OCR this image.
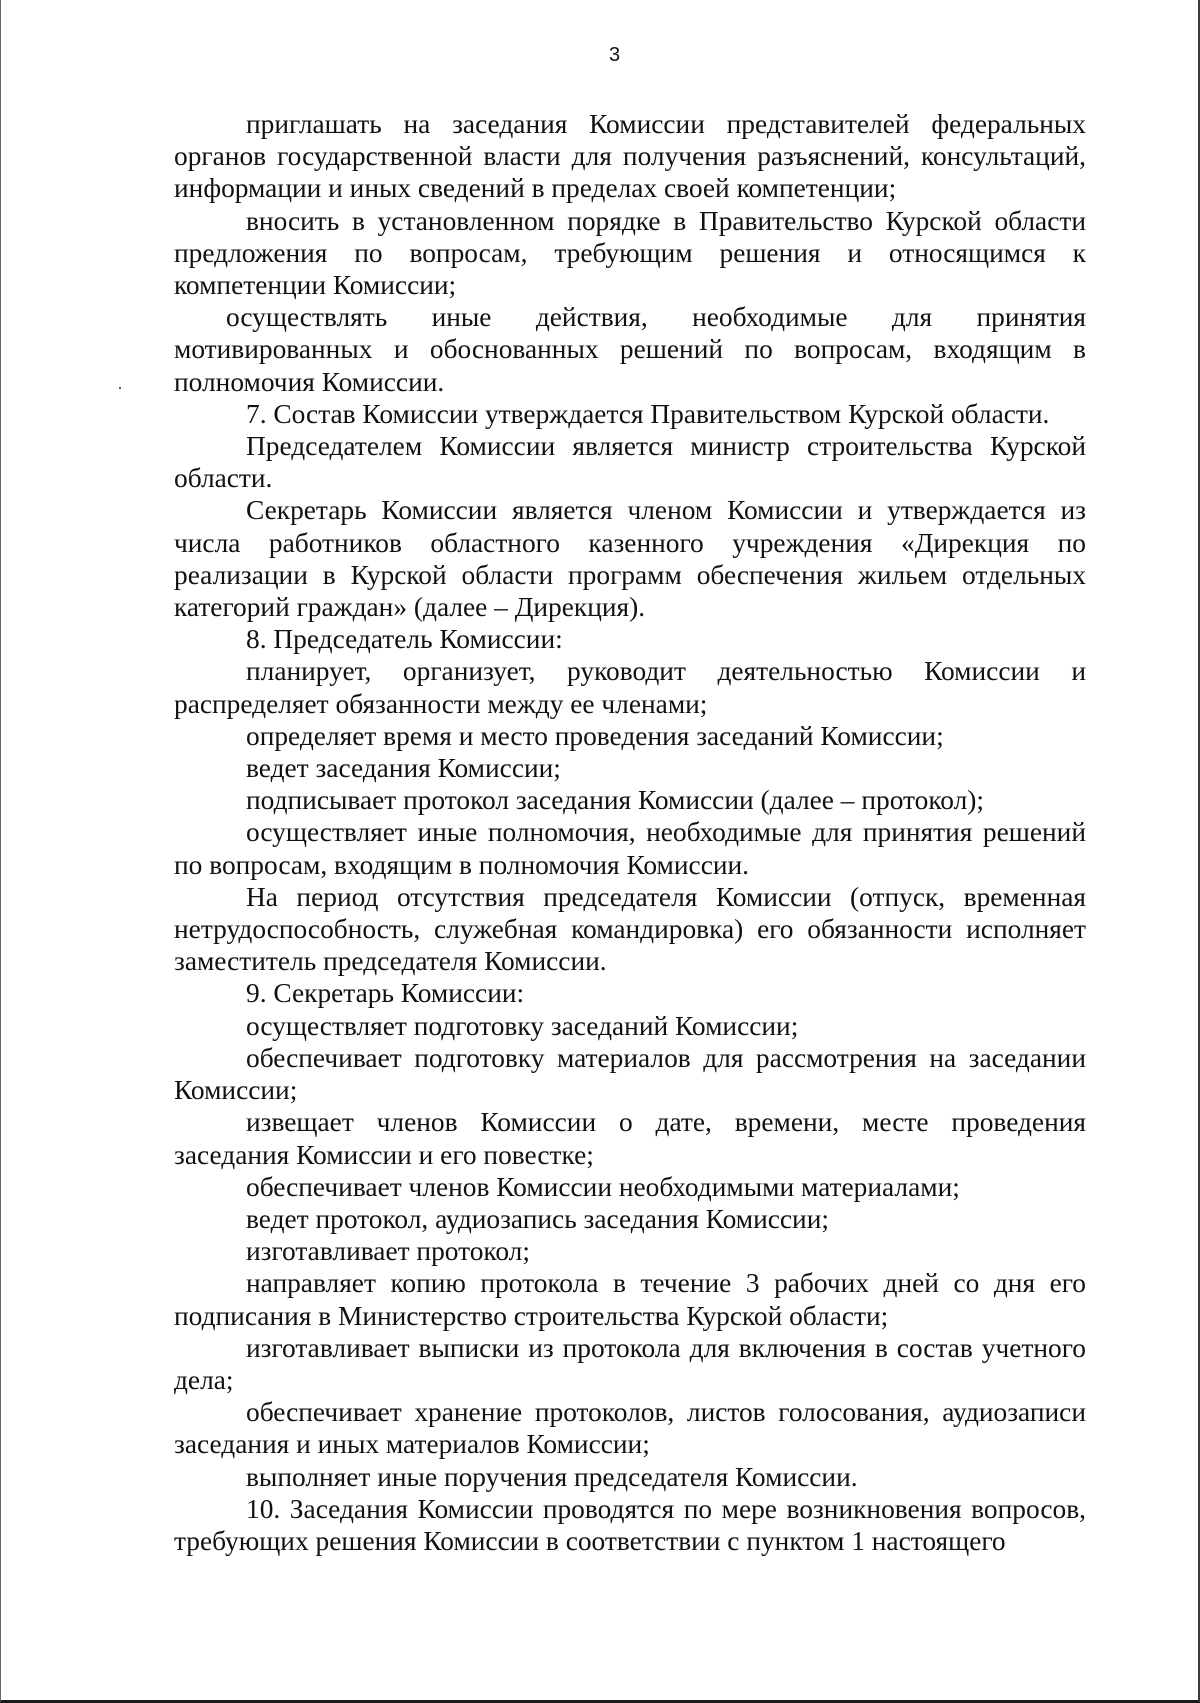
3

приглашать на заседания Комиссии представителей федеральных органов государственной власти для получения разъяснений, консультаций, информации и иных сведений в пределах своей компетенции;

вносить в установленном порядке в Правительство Курской области предложения по вопросам, требующим решения и относящимся к компетенции Комиссии;

осуществлять иные действия, необходимые для принятия мотивированных и обоснованных решений по вопросам, входящим в полномочия Комиссии.

7. Состав Комиссии утверждается Правительством Курской области.

Председателем Комиссии является министр строительства Курской области.

Секретарь Комиссии является членом Комиссии и утверждается из числа работников областного казенного учреждения «Дирекция по реализации в Курской области программ обеспечения жильем отдельных категорий граждан» (далее – Дирекция).

8. Председатель Комиссии:

планирует, организует, руководит деятельностью Комиссии и распределяет обязанности между ее членами;

определяет время и место проведения заседаний Комиссии;

ведет заседания Комиссии;

подписывает протокол заседания Комиссии (далее – протокол);

осуществляет иные полномочия, необходимые для принятия решений по вопросам, входящим в полномочия Комиссии.

На период отсутствия председателя Комиссии (отпуск, временная нетрудоспособность, служебная командировка) его обязанности исполняет заместитель председателя Комиссии.

9. Секретарь Комиссии:

осуществляет подготовку заседаний Комиссии;

обеспечивает подготовку материалов для рассмотрения на заседании Комиссии;

извещает членов Комиссии о дате, времени, месте проведения заседания Комиссии и его повестке;

обеспечивает членов Комиссии необходимыми материалами;

ведет протокол, аудиозапись заседания Комиссии;

изготавливает протокол;

направляет копию протокола в течение 3 рабочих дней со дня его подписания в Министерство строительства Курской области;

изготавливает выписки из протокола для включения в состав учетного дела;

обеспечивает хранение протоколов, листов голосования, аудиозаписи заседания и иных материалов Комиссии;

выполняет иные поручения председателя Комиссии.

10. Заседания Комиссии проводятся по мере возникновения вопросов, требующих решения Комиссии в соответствии с пунктом 1 настоящего
